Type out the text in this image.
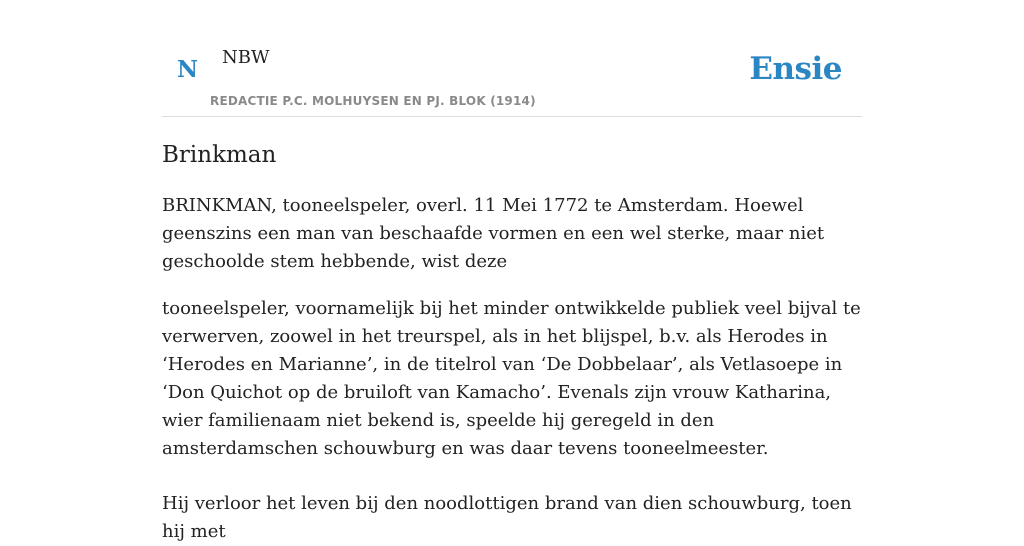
N NBW
REDACTIE P.C. MOLHUYSEN EN PJ. BLOK (1914)
Ensie
Brinkman

BRINKMAN, tooneelspeler, overl. 11 Mei 1772 te Amsterdam. Hoewel geenszins een man van beschaafde vormen en een wel sterke, maar niet geschoolde stem hebbende, wist deze

tooneelspeler, voornamelijk bij het minder ontwikkelde publiek veel bijval te verwerven, zoowel in het treurspel, als in het blijspel, b.v. als Herodes in ‘Herodes en Marianne’, in de titelrol van ‘De Dobbelaar’, als Vetlasoepe in ‘Don Quichot op de bruiloft van Kamacho’. Evenals zijn vrouw Katharina, wier familienaam niet bekend is, speelde hij geregeld in den amsterdamschen schouwburg en was daar tevens tooneelmeester.

Hij verloor het leven bij den noodlottigen brand van dien schouwburg, toen hij met
